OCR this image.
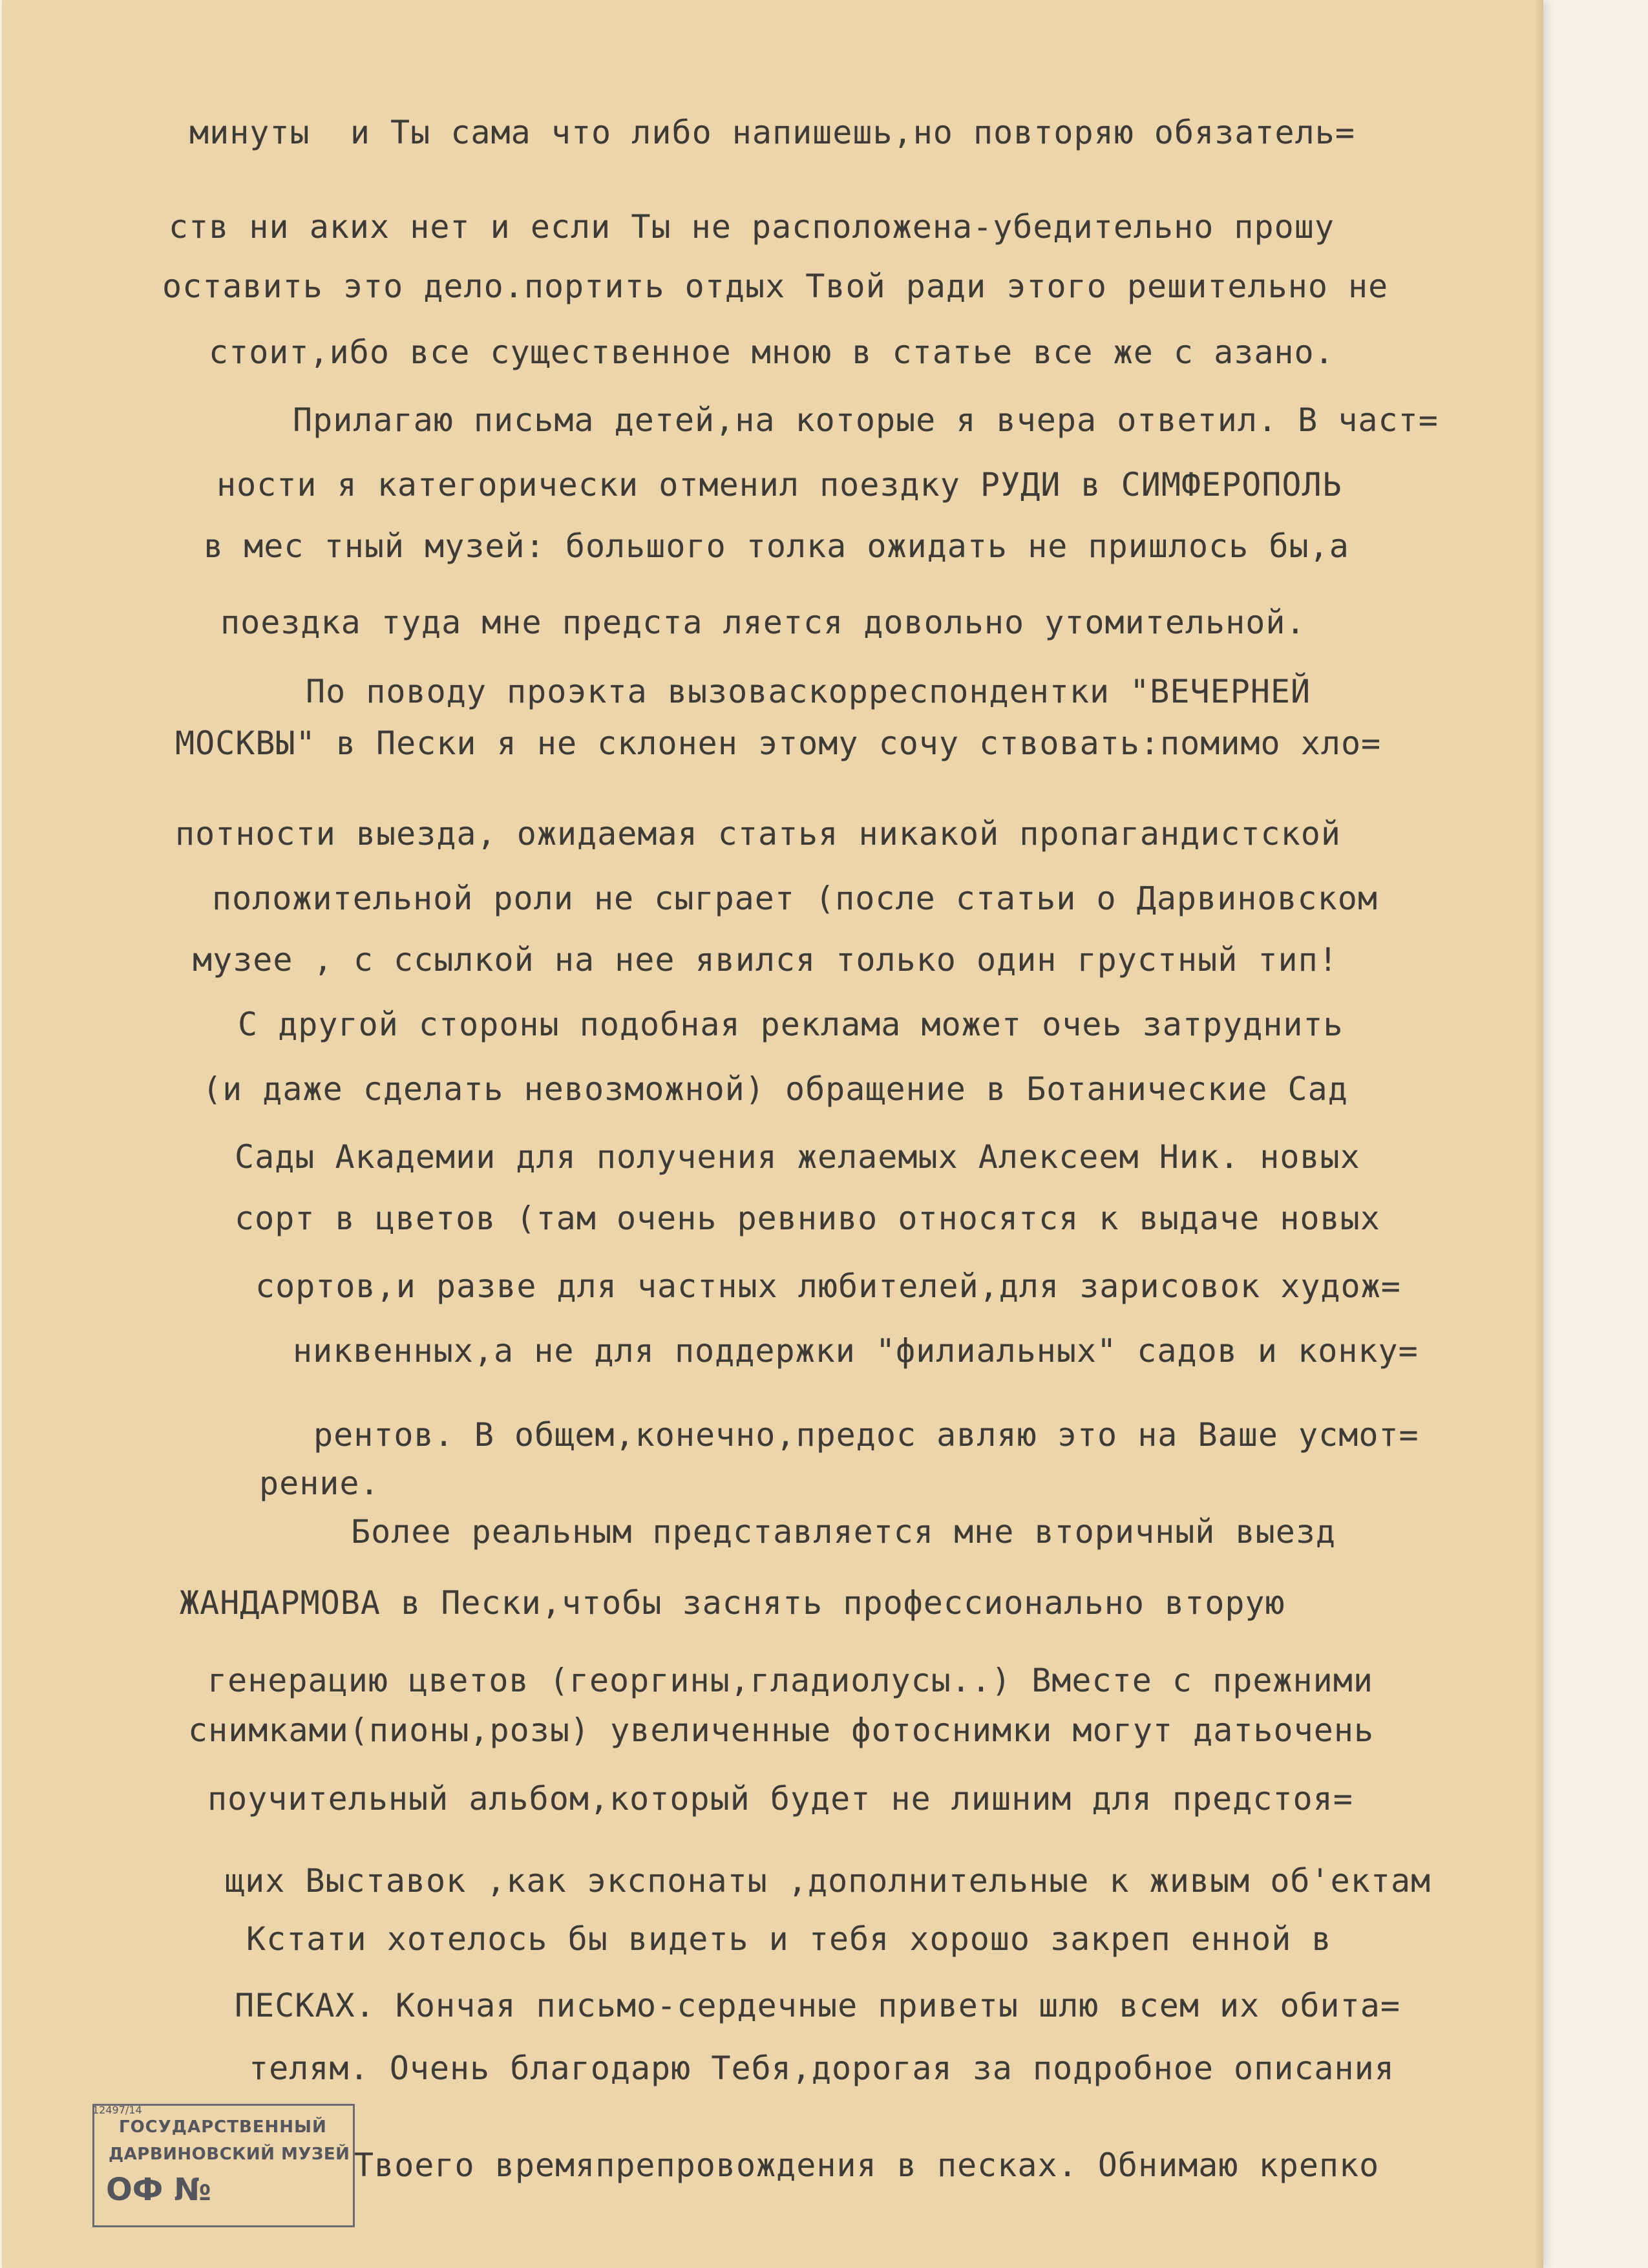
минуты  и Ты сама что либо напишешь,но повторяю обязатель=
ств ни аких нет и если Ты не расположена-убедительно прошу
оставить это дело.портить отдых Твой ради этого решительно не
стоит,ибо все существенное мною в статье все же с азано.
Прилагаю письма детей,на которые я вчера ответил. В част=
ности я категорически отменил поездку РУДИ в СИМФЕРОПОЛЬ
в мес тный музей: большого толка ожидать не пришлось бы,а
поездка туда мне предста ляется довольно утомительной.
По поводу проэкта вызоваскорреспондентки "ВЕЧЕРНЕЙ
МОСКВЫ" в Пески я не склонен этому сочу ствовать:помимо хло=
потности выезда, ожидаемая статья никакой пропагандистской
положительной роли не сыграет (после статьи о Дарвиновском
музее , с ссылкой на нее явился только один грустный тип!
С другой стороны подобная реклама может очеь затруднить
(и даже сделать невозможной) обращение в Ботанические Сад
Сады Академии для получения желаемых Алексеем Ник. новых
сорт в цветов (там очень ревниво относятся к выдаче новых
сортов,и разве для частных любителей,для зарисовок худож=
никвенных,а не для поддержки "филиальных" садов и конку=
рентов. В общем,конечно,предос авляю это на Ваше усмот=
рение.
Более реальным представляется мне вторичный выезд
ЖАНДАРМОВА в Пески,чтобы заснять профессионально вторую
генерацию цветов (георгины,гладиолусы..) Вместе с прежними
снимками(пионы,розы) увеличенные фотоснимки могут датьочень
поучительный альбом,который будет не лишним для предстоя=
щих Выставок ,как экспонаты ,дополнительные к живым об'ектам
Кстати хотелось бы видеть и тебя хорошо закреп енной в
ПЕСКАХ. Кончая письмо-сердечные приветы шлю всем их обита=
телям. Очень благодарю Тебя,дорогая за подробное описания
Твоего времяпрепровождения в песках. Обнимаю крепко
ГОСУДАРСТВЕННЫЙ
ДАРВИНОВСКИЙ МУЗЕЙ
ОФ №
12497/14
